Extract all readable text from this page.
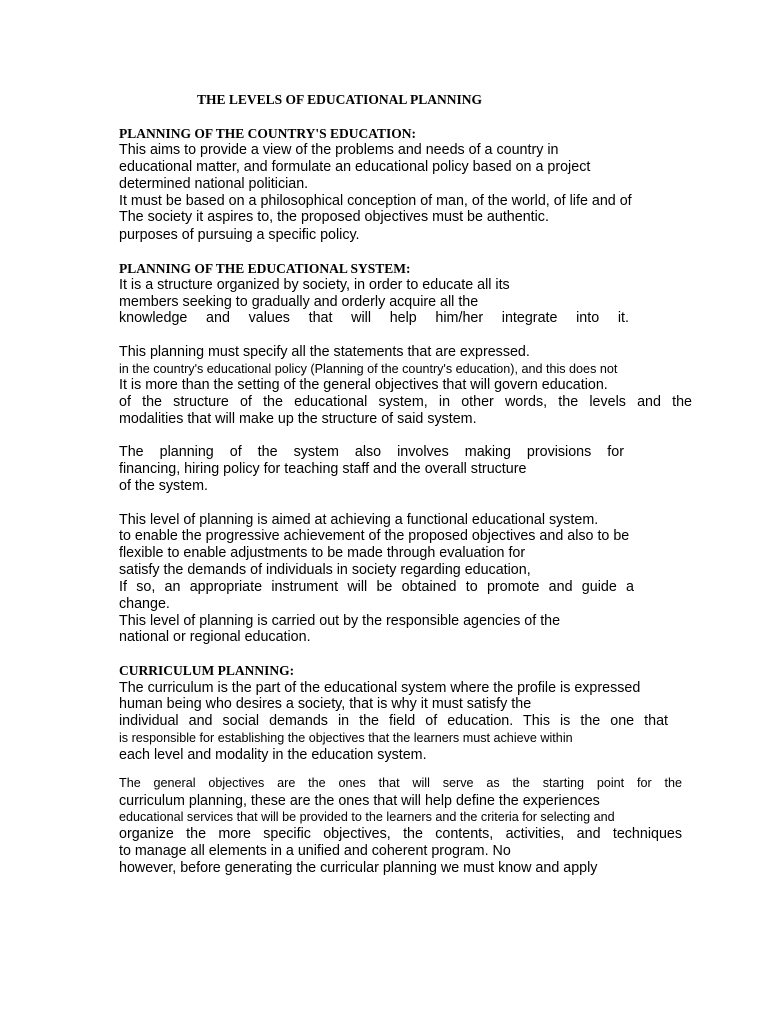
THE LEVELS OF EDUCATIONAL PLANNING
PLANNING OF THE COUNTRY'S EDUCATION:
This aims to provide a view of the problems and needs of a country in
educational matter, and formulate an educational policy based on a project
determined national politician.
It must be based on a philosophical conception of man, of the world, of life and of
The society it aspires to, the proposed objectives must be authentic.
purposes of pursuing a specific policy.
PLANNING OF THE EDUCATIONAL SYSTEM:
It is a structure organized by society, in order to educate all its
members seeking to gradually and orderly acquire all the
knowledge and values that will help him/her integrate into it.
This planning must specify all the statements that are expressed.
in the country's educational policy (Planning of the country's education), and this does not
It is more than the setting of the general objectives that will govern education.
of the structure of the educational system, in other words, the levels and the
modalities that will make up the structure of said system.
The planning of the system also involves making provisions for
financing, hiring policy for teaching staff and the overall structure
of the system.
This level of planning is aimed at achieving a functional educational system.
to enable the progressive achievement of the proposed objectives and also to be
flexible to enable adjustments to be made through evaluation for
satisfy the demands of individuals in society regarding education,
If so, an appropriate instrument will be obtained to promote and guide a
change.
This level of planning is carried out by the responsible agencies of the
national or regional education.
CURRICULUM PLANNING:
The curriculum is the part of the educational system where the profile is expressed
human being who desires a society, that is why it must satisfy the
individual and social demands in the field of education. This is the one that
is responsible for establishing the objectives that the learners must achieve within
each level and modality in the education system.
The general objectives are the ones that will serve as the starting point for the
curriculum planning, these are the ones that will help define the experiences
educational services that will be provided to the learners and the criteria for selecting and
organize the more specific objectives, the contents, activities, and techniques
to manage all elements in a unified and coherent program. No
however, before generating the curricular planning we must know and apply
